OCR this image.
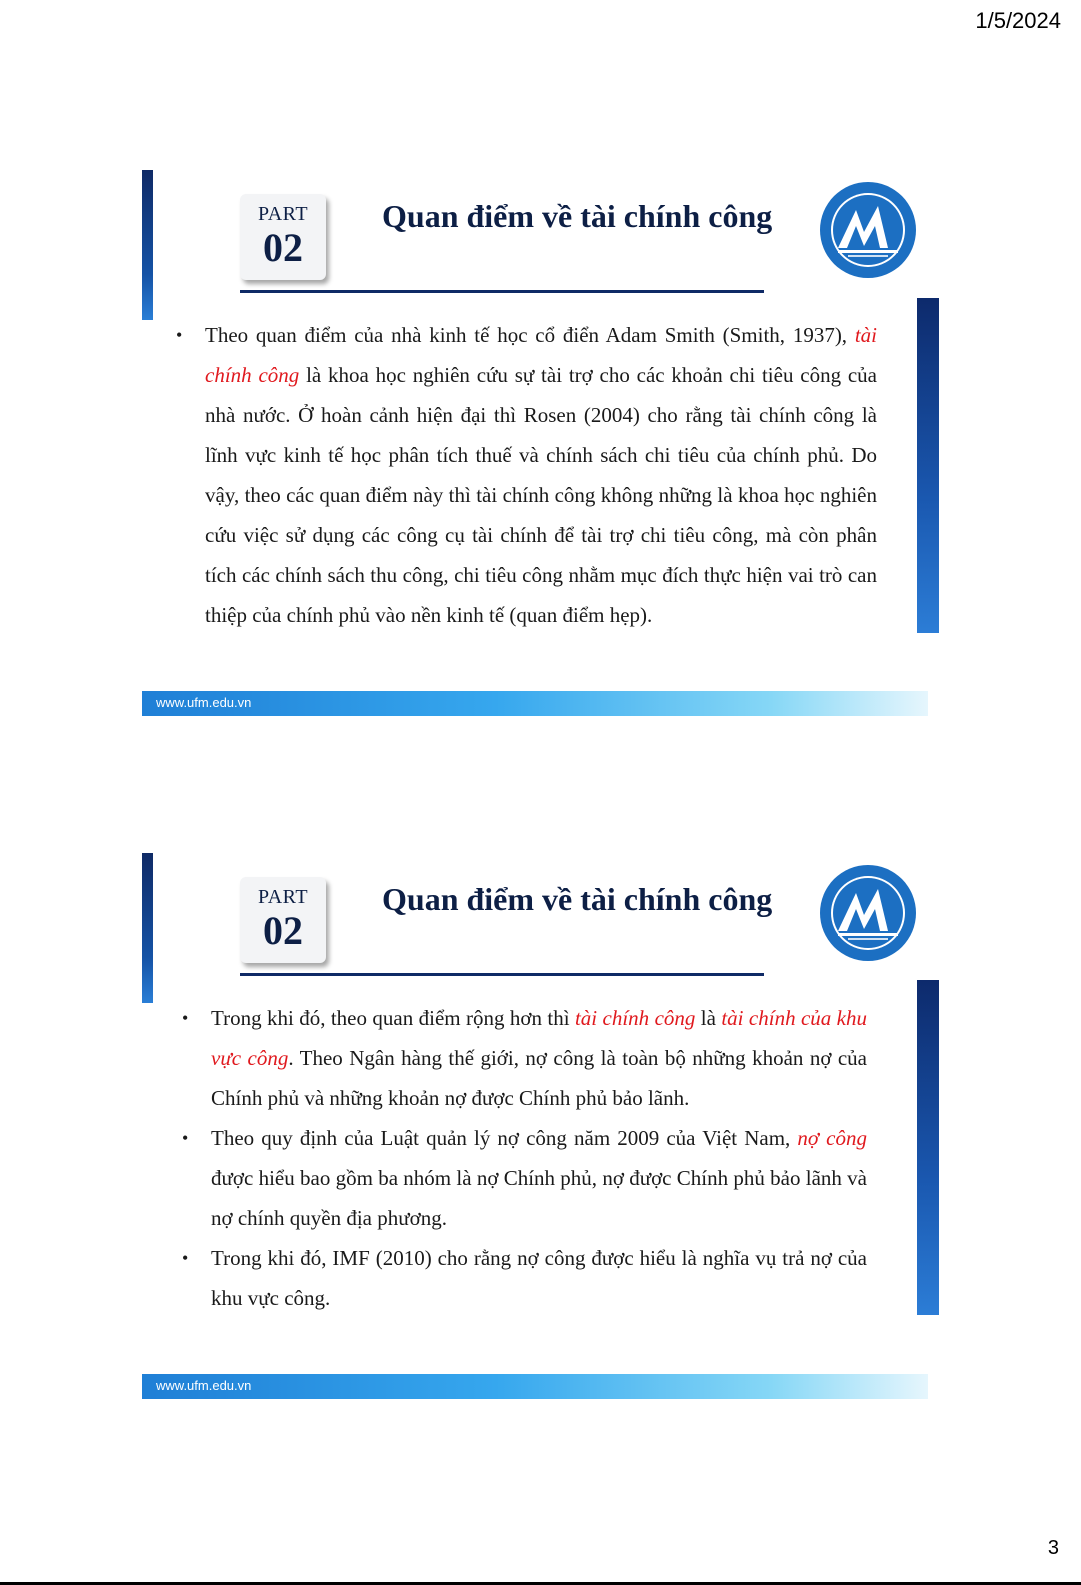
1/5/2024
PART
02
Quan điểm về tài chính công

• Theo quan điểm của nhà kinh tế học cổ điển Adam Smith (Smith, 1937), tài chính công là khoa học nghiên cứu sự tài trợ cho các khoản chi tiêu công của nhà nước. Ở hoàn cảnh hiện đại thì Rosen (2004) cho rằng tài chính công là lĩnh vực kinh tế học phân tích thuế và chính sách chi tiêu của chính phủ. Do vậy, theo các quan điểm này thì tài chính công không những là khoa học nghiên cứu việc sử dụng các công cụ tài chính để tài trợ chi tiêu công, mà còn phân tích các chính sách thu công, chi tiêu công nhằm mục đích thực hiện vai trò can thiệp của chính phủ vào nền kinh tế (quan điểm hẹp).

www.ufm.edu.vn
PART
02
Quan điểm về tài chính công

• Trong khi đó, theo quan điểm rộng hơn thì tài chính công là tài chính của khu vực công. Theo Ngân hàng thế giới, nợ công là toàn bộ những khoản nợ của Chính phủ và những khoản nợ được Chính phủ bảo lãnh.

• Theo quy định của Luật quản lý nợ công năm 2009 của Việt Nam, nợ công được hiểu bao gồm ba nhóm là nợ Chính phủ, nợ được Chính phủ bảo lãnh và nợ chính quyền địa phương.

• Trong khi đó, IMF (2010) cho rằng nợ công được hiểu là nghĩa vụ trả nợ của khu vực công.

www.ufm.edu.vn
3
